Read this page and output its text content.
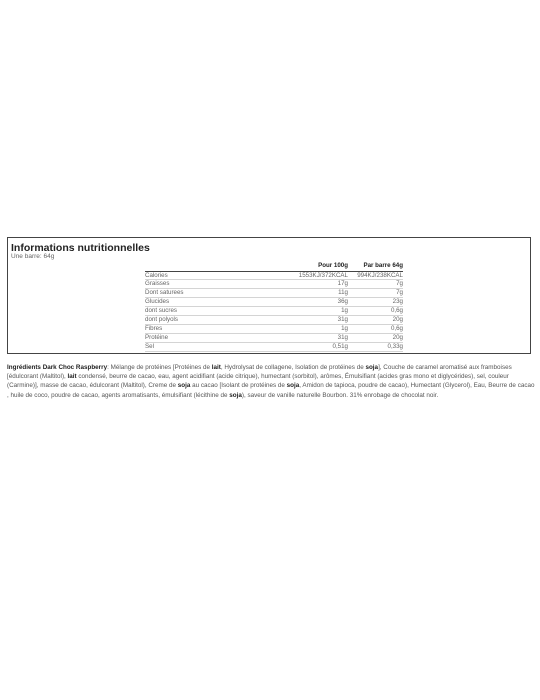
Informations nutritionnelles
Une barre: 64g
	Pour 100g	Par barre 64g
Calories	1553KJ/372KCAL	994KJ/238KCAL
Graisses	17g	7g
Dont saturees	11g	7g
Glucides	36g	23g
dont sucres	1g	0,6g
dont polyols	31g	20g
Fibres	1g	0,6g
Protéine	31g	20g
Sel	0,51g	0,33g
Ingrédients Dark Choc Raspberry: Mélange de protéines [Protéines de lait, Hydrolysat de collagene, Isolation de protéines de soja], Couche de caramel aromatisé aux framboises [édulcorant (Maltitol), lait condensé, beurre de cacao, eau, agent acidifiant (acide citrique), humectant (sorbitol), arômes, Émulsifiant (acides gras mono et diglycérides), sel, couleur (Carmine)], masse de cacao, édulcorant (Maltitol), Creme de soja au cacao [Isolant de protéines de soja, Amidon de tapioca, poudre de cacao), Humectant (Glycerol), Eau, Beurre de cacao , huile de coco, poudre de cacao, agents aromatisants, émulsifiant (lécithine de soja), saveur de vanille naturelle Bourbon. 31% enrobage de chocolat noir.
